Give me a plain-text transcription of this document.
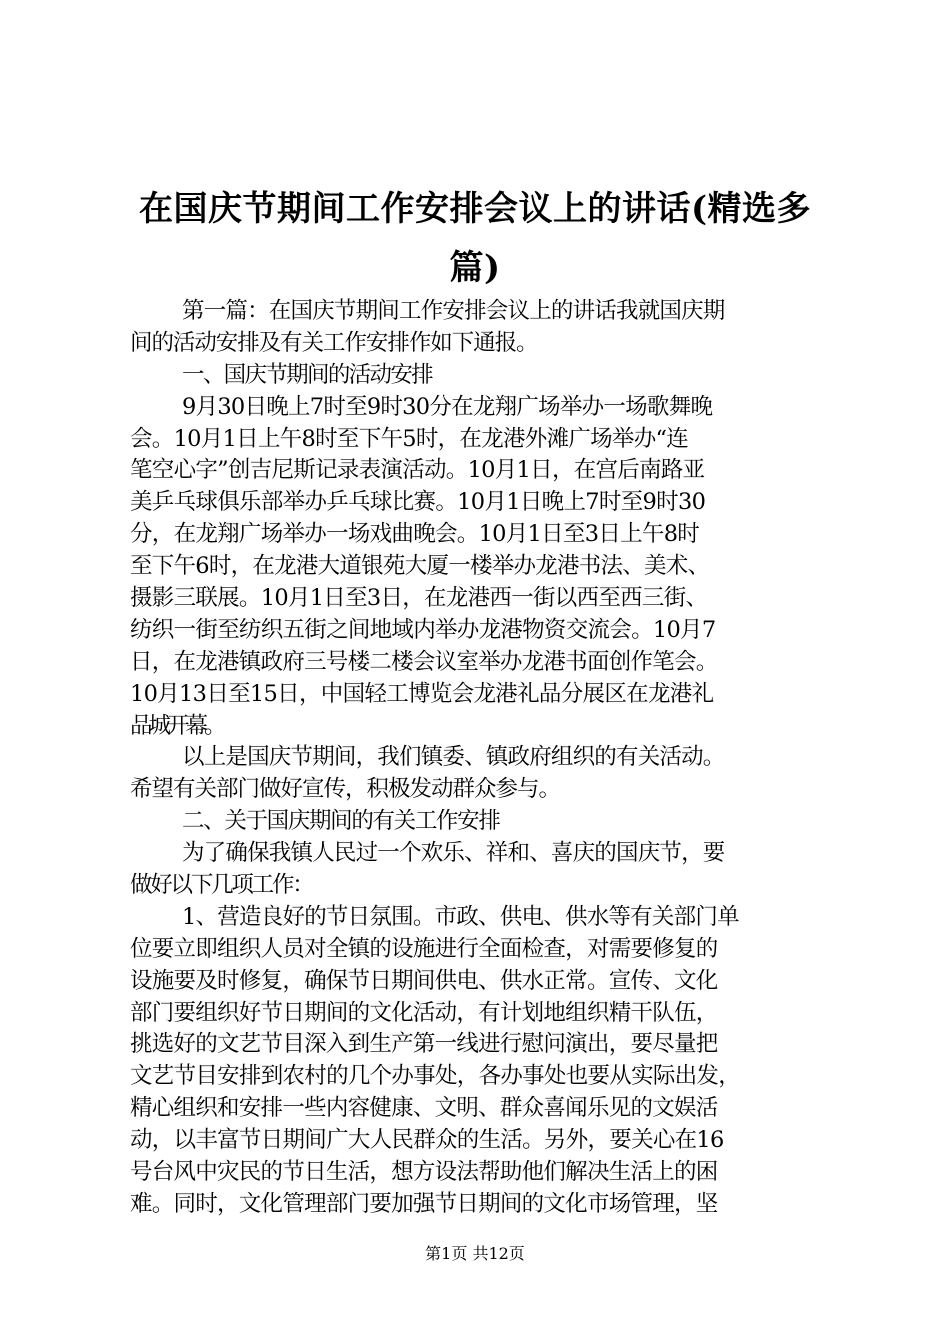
在国庆节期间工作安排会议上的讲话(精选多
篇)
第一篇：在国庆节期间工作安排会议上的讲话我就国庆期
间的活动安排及有关工作安排作如下通报。
一、国庆节期间的活动安排
9月30日晚上7时至9时30分在龙翔广场举办一场歌舞晚
会。10月1日上午8时至下午5时，在龙港外滩广场举办“连
笔空心字”创吉尼斯记录表演活动。10月1日，在宫后南路亚
美乒乓球俱乐部举办乒乓球比赛。10月1日晚上7时至9时30
分，在龙翔广场举办一场戏曲晚会。10月1日至3日上午8时
至下午6时，在龙港大道银苑大厦一楼举办龙港书法、美术、
摄影三联展。10月1日至3日，在龙港西一街以西至西三街、
纺织一街至纺织五街之间地域内举办龙港物资交流会。10月7
日，在龙港镇政府三号楼二楼会议室举办龙港书面创作笔会。
10月13日至15日，中国轻工博览会龙港礼品分展区在龙港礼
品城开幕。
以上是国庆节期间，我们镇委、镇政府组织的有关活动。
希望有关部门做好宣传，积极发动群众参与。
二、关于国庆期间的有关工作安排
为了确保我镇人民过一个欢乐、祥和、喜庆的国庆节，要
做好以下几项工作：
1、营造良好的节日氛围。市政、供电、供水等有关部门单
位要立即组织人员对全镇的设施进行全面检查，对需要修复的
设施要及时修复，确保节日期间供电、供水正常。宣传、文化
部门要组织好节日期间的文化活动，有计划地组织精干队伍，
挑选好的文艺节目深入到生产第一线进行慰问演出，要尽量把
文艺节目安排到农村的几个办事处，各办事处也要从实际出发，
精心组织和安排一些内容健康、文明、群众喜闻乐见的文娱活
动，以丰富节日期间广大人民群众的生活。另外，要关心在16
号台风中灾民的节日生活，想方设法帮助他们解决生活上的困
难。同时，文化管理部门要加强节日期间的文化市场管理，坚
第1页 共12页
